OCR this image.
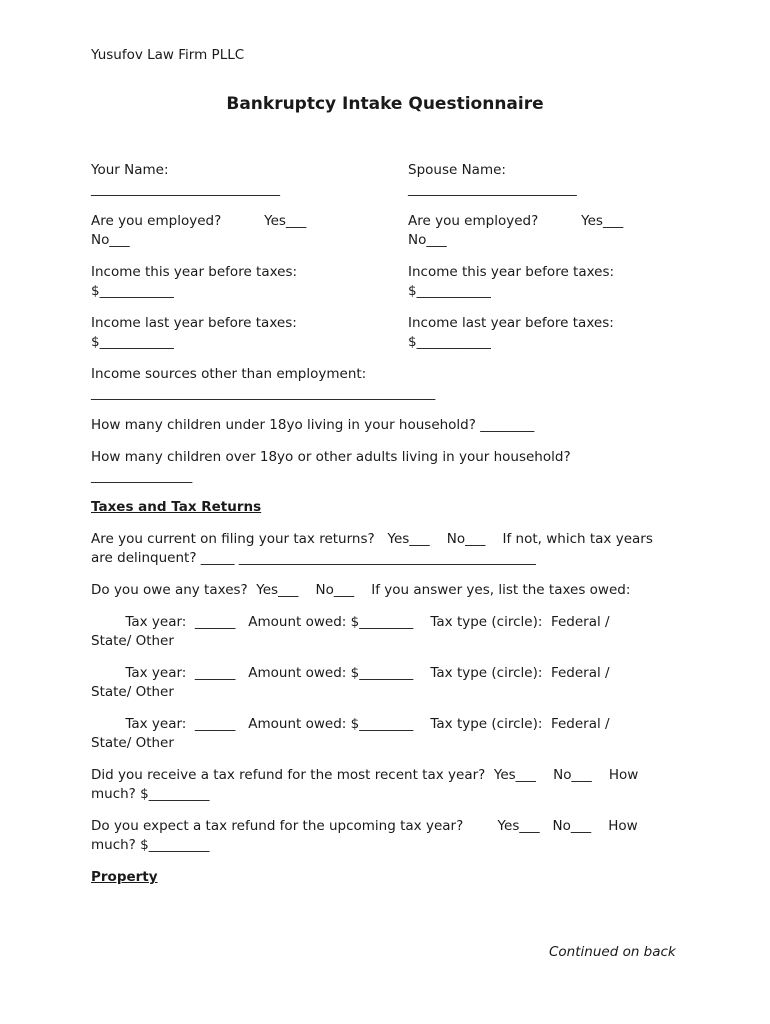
Yusufov Law Firm PLLC
Bankruptcy Intake Questionnaire
Your Name:
____________________________
Are you employed?          Yes___
No___
Income this year before taxes:
$___________
Income last year before taxes:
$___________
Spouse Name:
_________________________
Are you employed?          Yes___
No___
Income this year before taxes:
$___________
Income last year before taxes:
$___________
Income sources other than employment:
___________________________________________________
How many children under 18yo living in your household? ________
How many children over 18yo or other adults living in your household?
_______________
Taxes and Tax Returns
Are you current on filing your tax returns?   Yes___    No___    If not, which tax years
are delinquent? _____ ____________________________________________
Do you owe any taxes?  Yes___    No___    If you answer yes, list the taxes owed:
Tax year:  ______   Amount owed: $________    Tax type (circle):  Federal /
State/ Other
Tax year:  ______   Amount owed: $________    Tax type (circle):  Federal /
State/ Other
Tax year:  ______   Amount owed: $________    Tax type (circle):  Federal /
State/ Other
Did you receive a tax refund for the most recent tax year?  Yes___    No___    How
much? $_________
Do you expect a tax refund for the upcoming tax year?        Yes___   No___    How
much? $_________
Property
Continued on back
